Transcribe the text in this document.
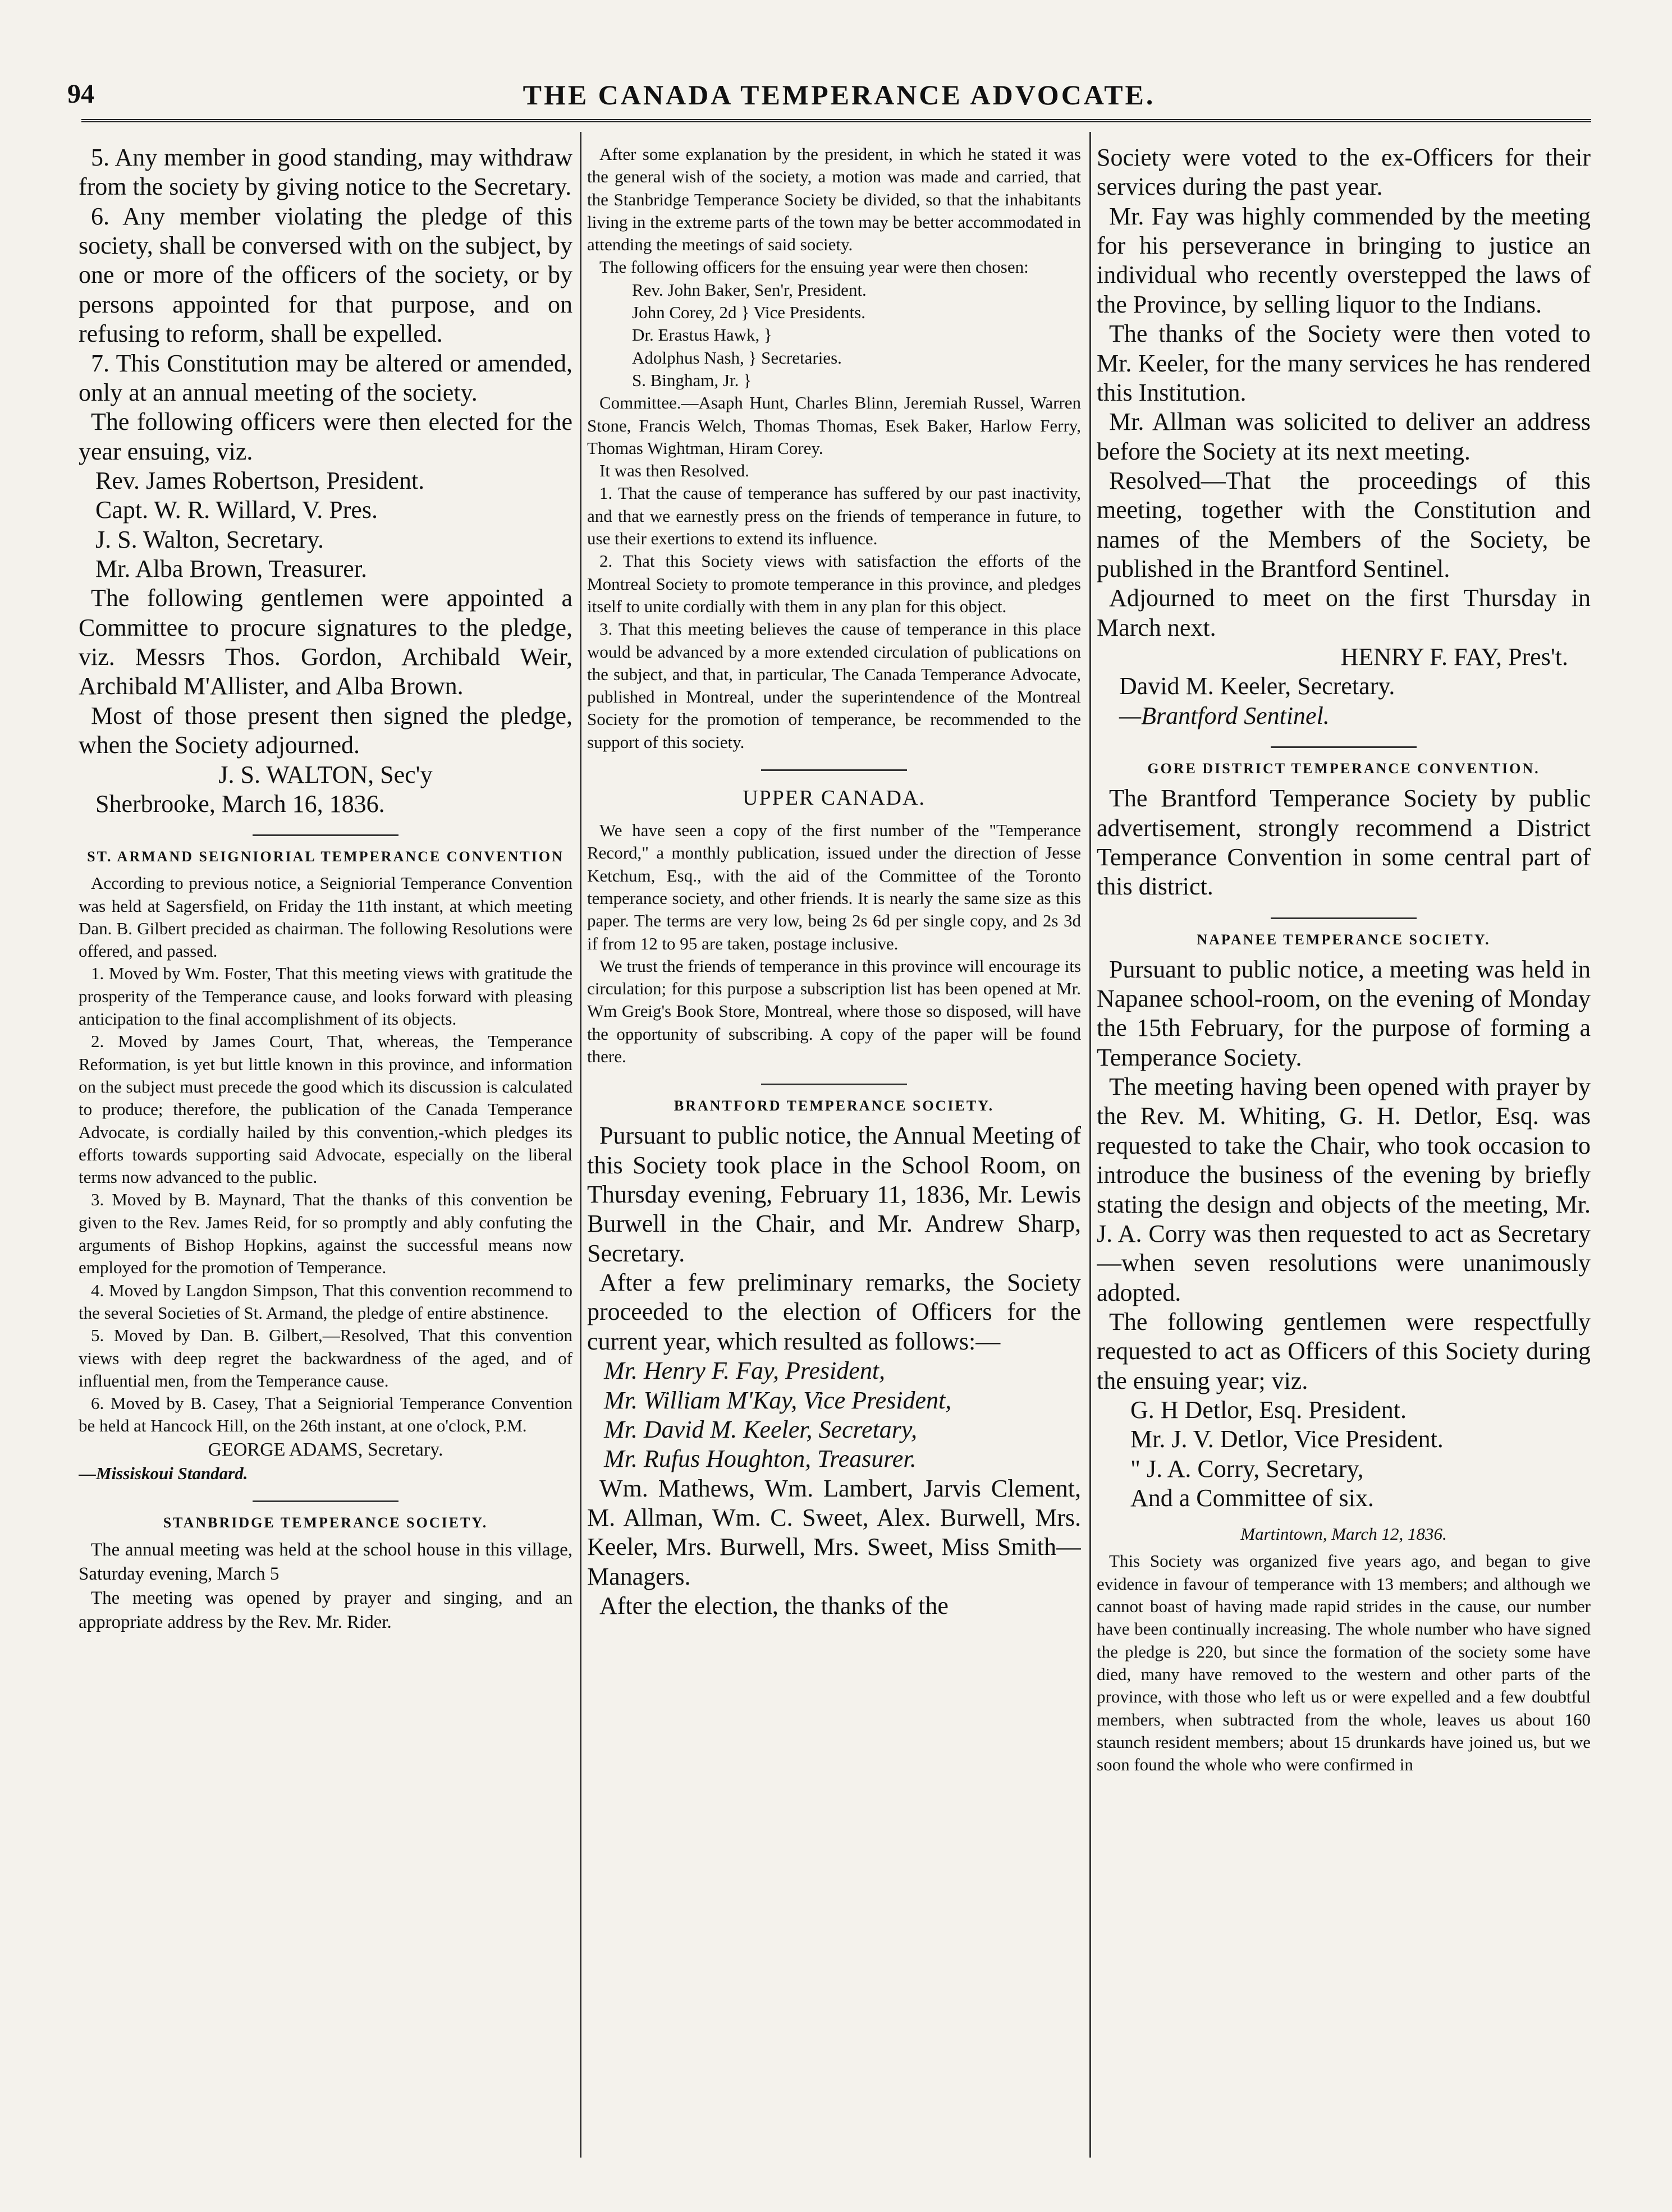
94	THE CANADA TEMPERANCE ADVOCATE.

5. Any member in good standing, may withdraw from the society by giving notice to the Secretary.

6. Any member violating the pledge of this society, shall be conversed with on the subject, by one or more of the officers of the society, or by persons appointed for that purpose, and on refusing to reform, shall be expelled.

7. This Constitution may be altered or amended, only at an annual meeting of the society.

The following officers were then elected for the year ensuing, viz.

Rev. James Robertson, President.

Capt. W. R. Willard, V. Pres.

J. S. Walton, Secretary.

Mr. Alba Brown, Treasurer.

The following gentlemen were appointed a Committee to procure signatures to the pledge, viz. Messrs Thos. Gordon, Archibald Weir, Archibald M'Allister, and Alba Brown.

Most of those present then signed the pledge, when the Society adjourned.

J. S. WALTON, Sec'y

Sherbrooke, March 16, 1836.

ST. ARMAND SEIGNIORIAL TEMPERANCE CONVENTION

According to previous notice, a Seigniorial Temperance Convention was held at Sagersfield, on Friday the 11th instant, at which meeting Dan. B. Gilbert precided as chairman. The following Resolutions were offered, and passed.

1. Moved by Wm. Foster, That this meeting views with gratitude the prosperity of the Temperance cause, and looks forward with pleasing anticipation to the final accomplishment of its objects.

2. Moved by James Court, That, whereas, the Temperance Reformation, is yet but little known in this province, and information on the subject must precede the good which its discussion is calculated to produce; therefore, the publication of the Canada Temperance Advocate, is cordially hailed by this convention,-which pledges its efforts towards supporting said Advocate, especially on the liberal terms now advanced to the public.

3. Moved by B. Maynard, That the thanks of this convention be given to the Rev. James Reid, for so promptly and ably confuting the arguments of Bishop Hopkins, against the successful means now employed for the promotion of Temperance.

4. Moved by Langdon Simpson, That this convention recommend to the several Societies of St. Armand, the pledge of entire abstinence.

5. Moved by Dan. B. Gilbert,—Resolved, That this convention views with deep regret the backwardness of the aged, and of influential men, from the Temperance cause.

6. Moved by B. Casey, That a Seigniorial Temperance Convention be held at Hancock Hill, on the 26th instant, at one o'clock, P.M.

GEORGE ADAMS, Secretary.

—Missiskoui Standard.

STANBRIDGE TEMPERANCE SOCIETY.

The annual meeting was held at the school house in this village, Saturday evening, March 5

The meeting was opened by prayer and singing, and an appropriate address by the Rev. Mr. Rider.

After some explanation by the president, in which he stated it was the general wish of the society, a motion was made and carried, that the Stanbridge Temperance Society be divided, so that the inhabitants living in the extreme parts of the town may be better accommodated in attending the meetings of said society.

The following officers for the ensuing year were then chosen:

Rev. John Baker, Sen'r, President.

John Corey, 2d } Vice Presidents.

Dr. Erastus Hawk, }

Adolphus Nash, } Secretaries.

S. Bingham, Jr. }

Committee.—Asaph Hunt, Charles Blinn, Jeremiah Russel, Warren Stone, Francis Welch, Thomas Thomas, Esek Baker, Harlow Ferry, Thomas Wightman, Hiram Corey.

It was then Resolved.

1. That the cause of temperance has suffered by our past inactivity, and that we earnestly press on the friends of temperance in future, to use their exertions to extend its influence.

2. That this Society views with satisfaction the efforts of the Montreal Society to promote temperance in this province, and pledges itself to unite cordially with them in any plan for this object.

3. That this meeting believes the cause of temperance in this place would be advanced by a more extended circulation of publications on the subject, and that, in particular, The Canada Temperance Advocate, published in Montreal, under the superintendence of the Montreal Society for the promotion of temperance, be recommended to the support of this society.

UPPER CANADA.

We have seen a copy of the first number of the "Temperance Record," a monthly publication, issued under the direction of Jesse Ketchum, Esq., with the aid of the Committee of the Toronto temperance society, and other friends. It is nearly the same size as this paper. The terms are very low, being 2s 6d per single copy, and 2s 3d if from 12 to 95 are taken, postage inclusive.

We trust the friends of temperance in this province will encourage its circulation; for this purpose a subscription list has been opened at Mr. Wm Greig's Book Store, Montreal, where those so disposed, will have the opportunity of subscribing. A copy of the paper will be found there.

BRANTFORD TEMPERANCE SOCIETY.

Pursuant to public notice, the Annual Meeting of this Society took place in the School Room, on Thursday evening, February 11, 1836, Mr. Lewis Burwell in the Chair, and Mr. Andrew Sharp, Secretary.

After a few preliminary remarks, the Society proceeded to the election of Officers for the current year, which resulted as follows:—

Mr. Henry F. Fay, President,

Mr. William M'Kay, Vice President,

Mr. David M. Keeler, Secretary,

Mr. Rufus Houghton, Treasurer.

Wm. Mathews, Wm. Lambert, Jarvis Clement, M. Allman, Wm. C. Sweet, Alex. Burwell, Mrs. Keeler, Mrs. Burwell, Mrs. Sweet, Miss Smith—Managers.

After the election, the thanks of the

Society were voted to the ex-Officers for their services during the past year.

Mr. Fay was highly commended by the meeting for his perseverance in bringing to justice an individual who recently overstepped the laws of the Province, by selling liquor to the Indians.

The thanks of the Society were then voted to Mr. Keeler, for the many services he has rendered this Institution.

Mr. Allman was solicited to deliver an address before the Society at its next meeting.

Resolved—That the proceedings of this meeting, together with the Constitution and names of the Members of the Society, be published in the Brantford Sentinel.

Adjourned to meet on the first Thursday in March next.

HENRY F. FAY, Pres't.

David M. Keeler, Secretary.

—Brantford Sentinel.

GORE DISTRICT TEMPERANCE CONVENTION.

The Brantford Temperance Society by public advertisement, strongly recommend a District Temperance Convention in some central part of this district.

NAPANEE TEMPERANCE SOCIETY.

Pursuant to public notice, a meeting was held in Napanee school-room, on the evening of Monday the 15th February, for the purpose of forming a Temperance Society.

The meeting having been opened with prayer by the Rev. M. Whiting, G. H. Detlor, Esq. was requested to take the Chair, who took occasion to introduce the business of the evening by briefly stating the design and objects of the meeting, Mr. J. A. Corry was then requested to act as Secretary—when seven resolutions were unanimously adopted.

The following gentlemen were respectfully requested to act as Officers of this Society during the ensuing year; viz.

G. H Detlor, Esq. President.

Mr. J. V. Detlor, Vice President.

" J. A. Corry, Secretary,

And a Committee of six.

Martintown, March 12, 1836.

This Society was organized five years ago, and began to give evidence in favour of temperance with 13 members; and although we cannot boast of having made rapid strides in the cause, our number have been continually increasing. The whole number who have signed the pledge is 220, but since the formation of the society some have died, many have removed to the western and other parts of the province, with those who left us or were expelled and a few doubtful members, when subtracted from the whole, leaves us about 160 staunch resident members; about 15 drunkards have joined us, but we soon found the whole who were confirmed in
